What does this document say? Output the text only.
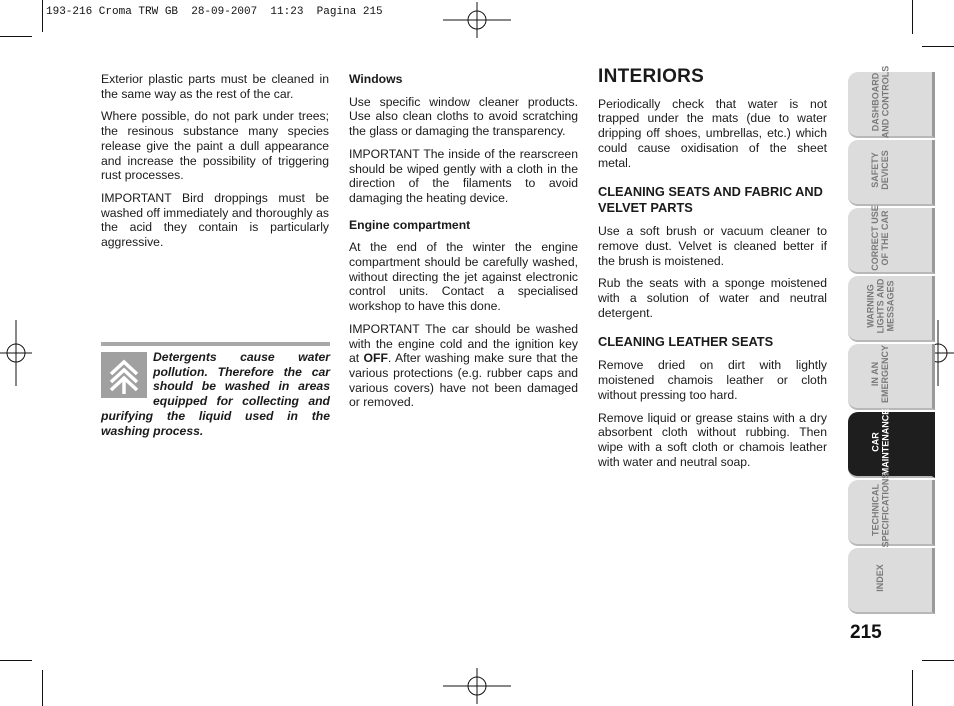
193-216 Croma TRW GB  28-09-2007  11:23  Pagina 215

Exterior plastic parts must be cleaned in the same way as the rest of the car.

Where possible, do not park under trees; the resinous substance many species release give the paint a dull appearance and increase the possibility of triggering rust processes.

IMPORTANT Bird droppings must be washed off immediately and thoroughly as the acid they contain is particularly aggressive.

Detergents cause water pollution. Therefore the car should be washed in areas equipped for collecting and purifying the liquid used in the washing process.
Windows

Use specific window cleaner products. Use also clean cloths to avoid scratching the glass or damaging the transparency.

IMPORTANT The inside of the rearscreen should be wiped gently with a cloth in the direction of the filaments to avoid damaging the heating device.

Engine compartment

At the end of the winter the engine compartment should be carefully washed, without directing the jet against electronic control units. Contact a specialised workshop to have this done.

IMPORTANT The car should be washed with the engine cold and the ignition key at OFF. After washing make sure that the various protections (e.g. rubber caps and various covers) have not been damaged or removed.

INTERIORS

Periodically check that water is not trapped under the mats (due to water dripping off shoes, umbrellas, etc.) which could cause oxidisation of the sheet metal.

CLEANING SEATS AND FABRIC AND VELVET PARTS

Use a soft brush or vacuum cleaner to remove dust. Velvet is cleaned better if the brush is moistened.

Rub the seats with a sponge moistened with a solution of water and neutral detergent.

CLEANING LEATHER SEATS

Remove dried on dirt with lightly moistened chamois leather or cloth without pressing too hard.

Remove liquid or grease stains with a dry absorbent cloth without rubbing. Then wipe with a soft cloth or chamois leather with water and neutral soap.

DASHBOARD
AND CONTROLS
SAFETY
DEVICES
CORRECT USE
OF THE CAR
WARNING
LIGHTS AND
MESSAGES
IN AN
EMERGENCY
CAR
MAINTENANCE
TECHNICAL
SPECIFICATIONS
INDEX
215
